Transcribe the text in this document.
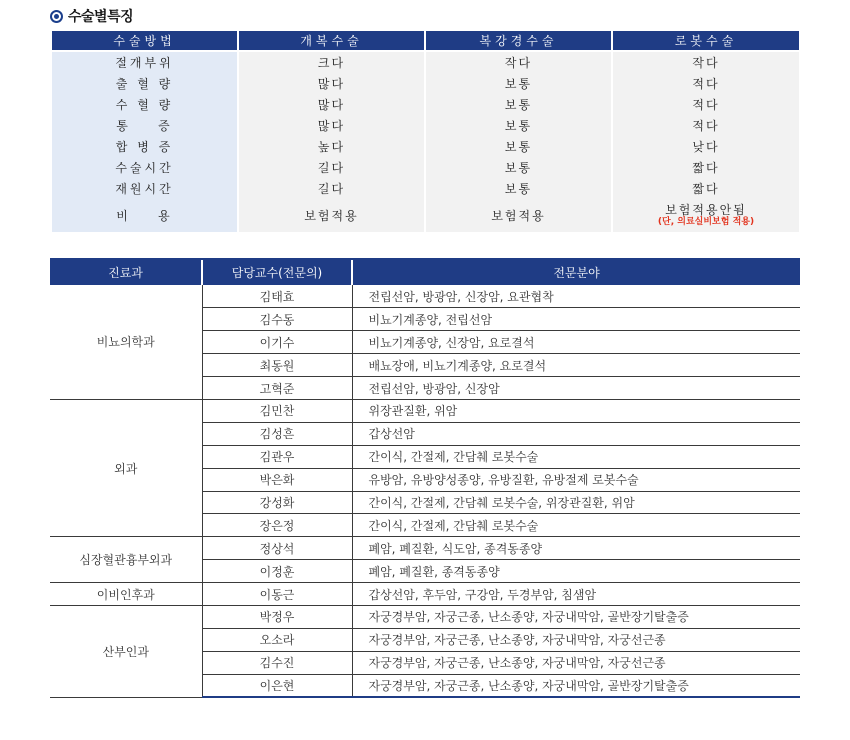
수술별특징
수술방법	개복수술	복강경수술	로봇수술
절개부위	크다	작다	작다
출 혈 량	많다	보통	적다
수 혈 량	많다	보통	적다
통    증	많다	보통	적다
합 병 증	높다	보통	낮다
수술시간	길다	보통	짧다
재원시간	길다	보통	짧다
비    용	보험적용	보험적용	보험적용안됨
(단, 의료실비보험 적용)
진료과	담당교수(전문의)	전문분야
비뇨의학과	김태효	전립선암, 방광암, 신장암, 요관협착
	김수동	비뇨기계종양, 전립선암
	이기수	비뇨기계종양, 신장암, 요로결석
	최동원	배뇨장애, 비뇨기계종양, 요로결석
	고혁준	전립선암, 방광암, 신장암
외과	김민찬	위장관질환, 위암
	김성흔	갑상선암
	김관우	간이식, 간절제, 간담췌 로봇수술
	박은화	유방암, 유방양성종양, 유방질환, 유방절제 로봇수술
	강성화	간이식, 간절제, 간담췌 로봇수술, 위장관질환, 위암
	장은정	간이식, 간절제, 간담췌 로봇수술
심장혈관흉부외과	정상석	폐암, 폐질환, 식도암, 종격동종양
	이정훈	폐암, 폐질환, 종격동종양
이비인후과	이동근	갑상선암, 후두암, 구강암, 두경부암, 침샘암
산부인과	박정우	자궁경부암, 자궁근종, 난소종양, 자궁내막암, 골반장기탈출증
	오소라	자궁경부암, 자궁근종, 난소종양, 자궁내막암, 자궁선근종
	김수진	자궁경부암, 자궁근종, 난소종양, 자궁내막암, 자궁선근종
	이은현	자궁경부암, 자궁근종, 난소종양, 자궁내막암, 골반장기탈출증
